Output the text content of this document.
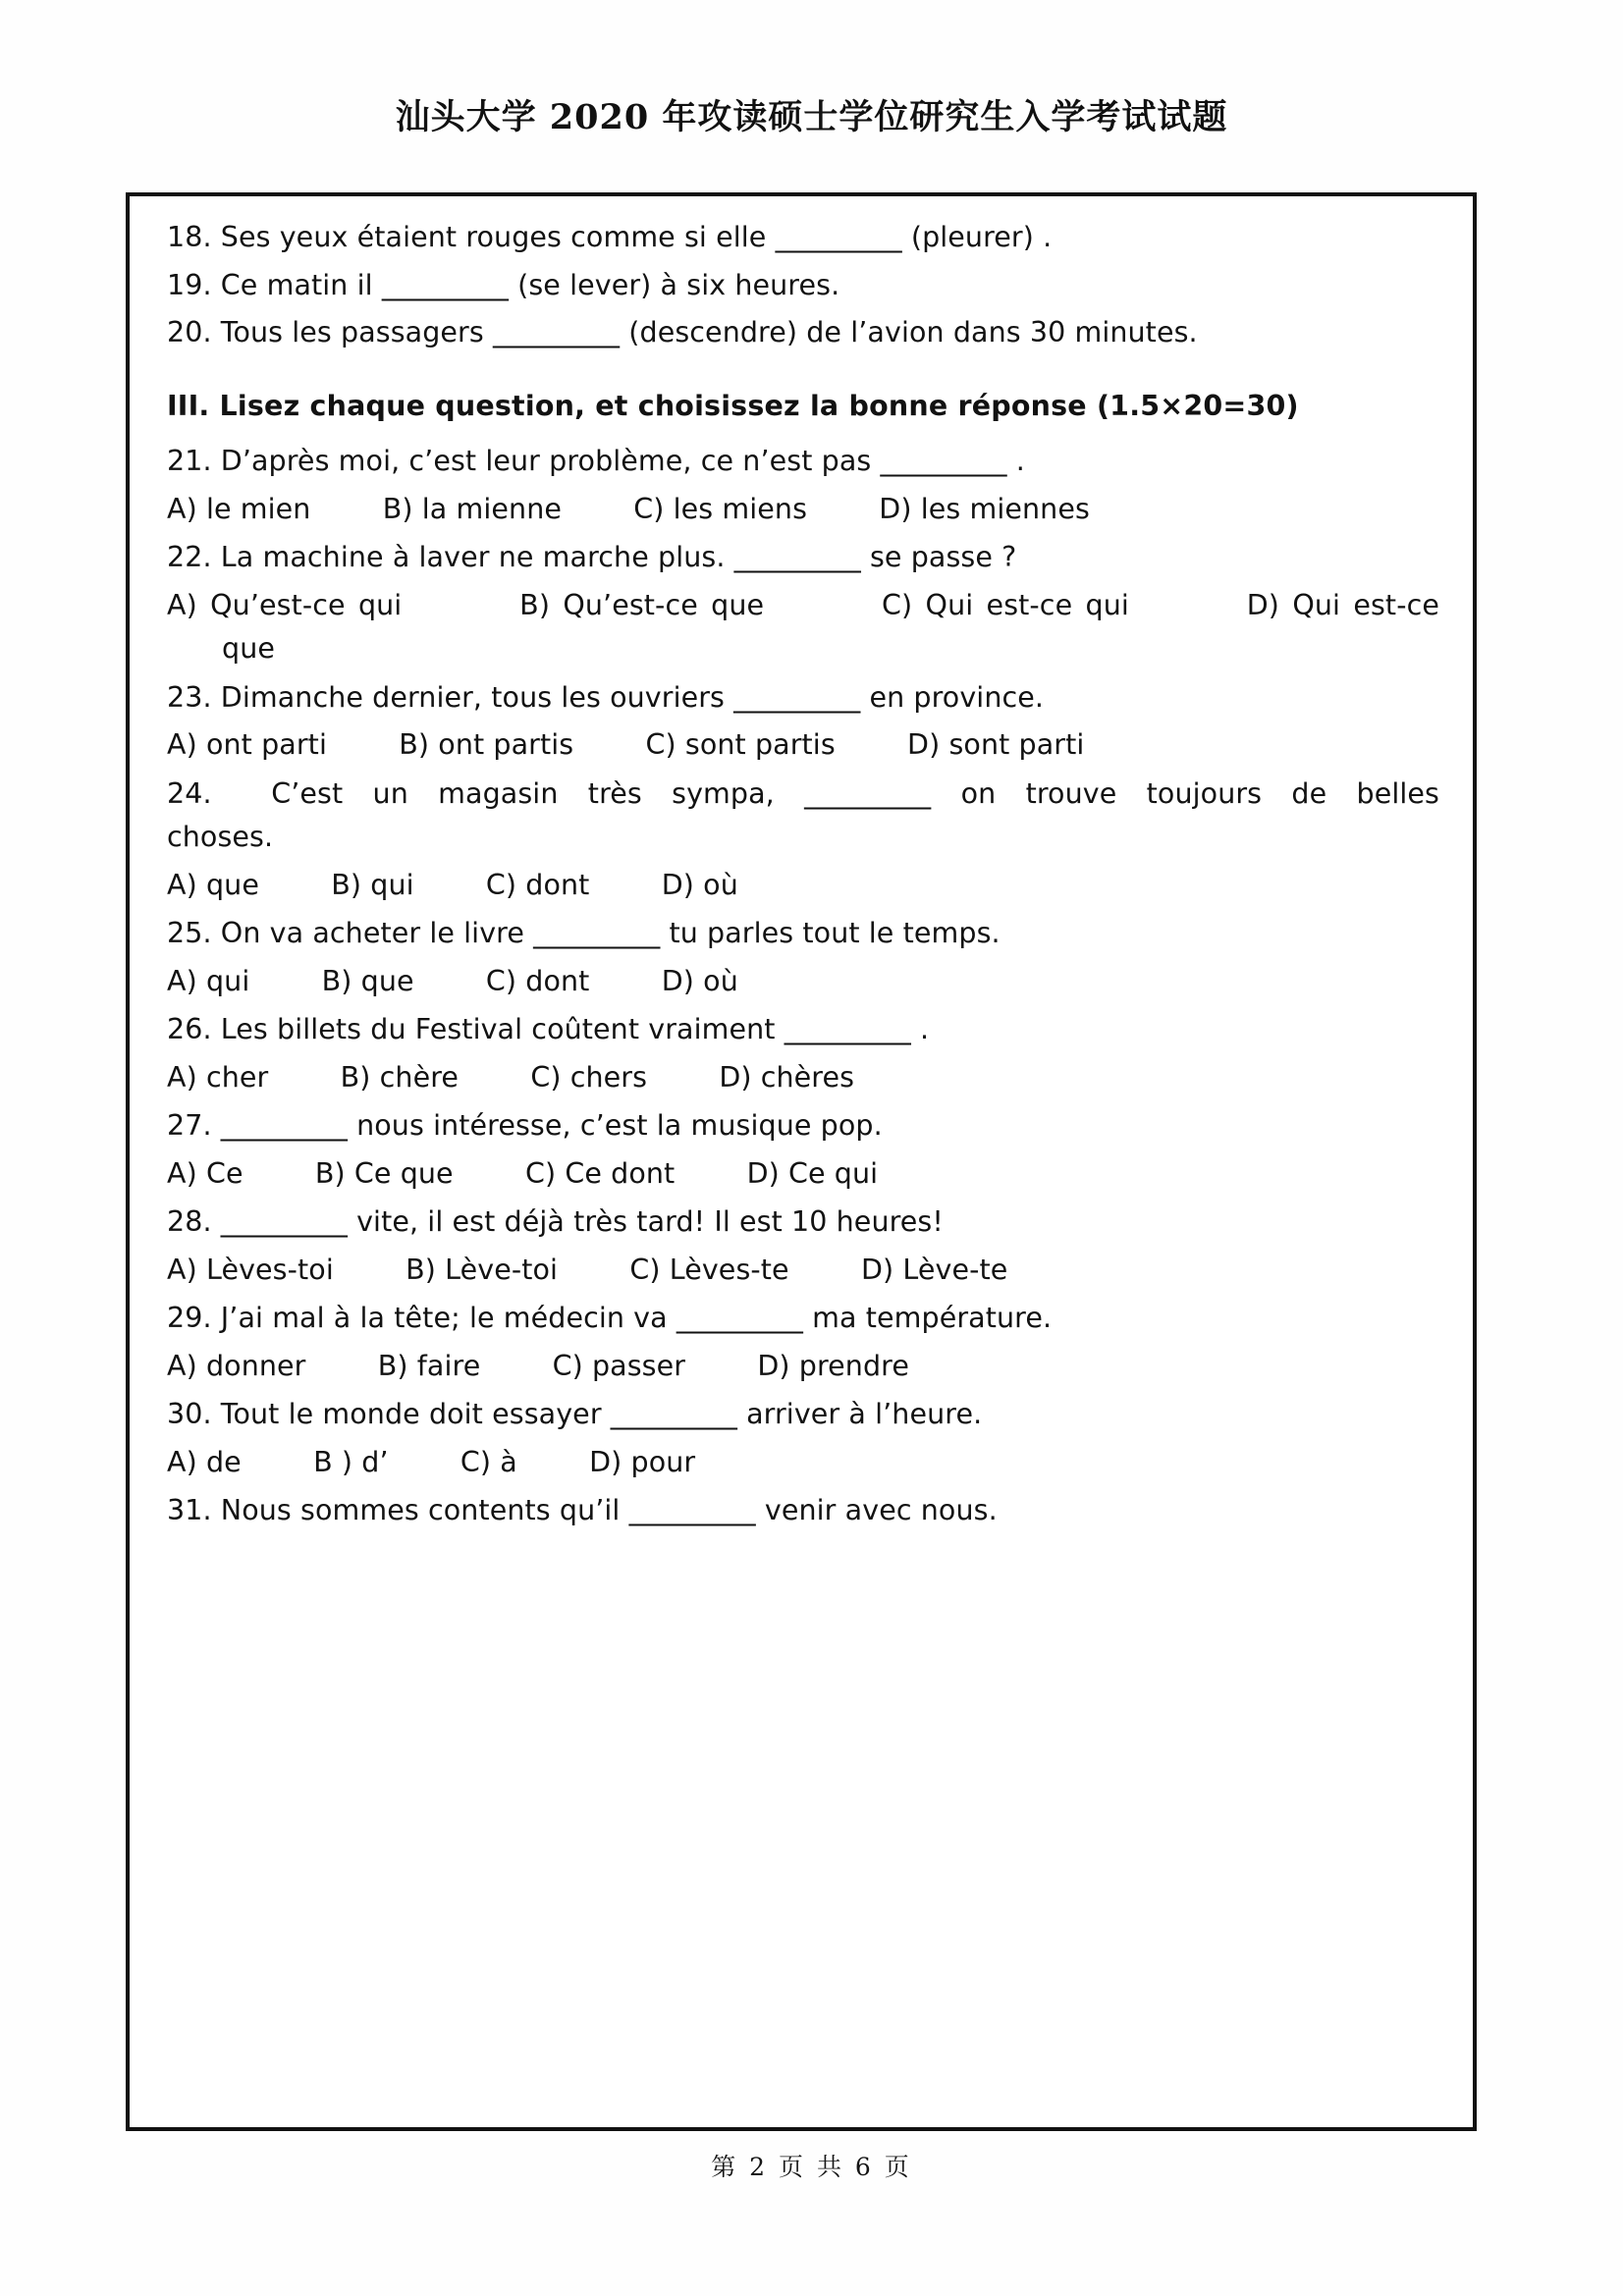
汕头大学 2020 年攻读硕士学位研究生入学考试试题
18. Ses yeux étaient rouges comme si elle _________ (pleurer) .
19. Ce matin il _________ (se lever) à six heures.
20. Tous les passagers _________ (descendre) de l’avion dans 30 minutes.
III. Lisez chaque question, et choisissez la bonne réponse (1.5×20=30)
21. D’après moi, c’est leur problème, ce n’est pas _________ .
A) le mien        B) la mienne        C) les miens        D) les miennes
22. La machine à laver ne marche plus. _________ se passe ?
A) Qu’est-ce qui         B) Qu’est-ce que         C) Qui est-ce qui         D) Qui est-ce
que
23. Dimanche dernier, tous les ouvriers _________ en province.
A) ont parti        B) ont partis        C) sont partis        D) sont parti
24.  C’est un magasin très sympa, _________ on trouve toujours de belles
choses.
A) que        B) qui        C) dont        D) où
25. On va acheter le livre _________ tu parles tout le temps.
A) qui        B) que        C) dont        D) où
26. Les billets du Festival coûtent vraiment _________ .
A) cher        B) chère        C) chers        D) chères
27. _________ nous intéresse, c’est la musique pop.
A) Ce        B) Ce que        C) Ce dont        D) Ce qui
28. _________ vite, il est déjà très tard! Il est 10 heures!
A) Lèves-toi        B) Lève-toi        C) Lèves-te        D) Lève-te
29. J’ai mal à la tête; le médecin va _________ ma température.
A) donner        B) faire        C) passer        D) prendre
30. Tout le monde doit essayer _________ arriver à l’heure.
A) de        B ) d’        C) à        D) pour
31. Nous sommes contents qu’il _________ venir avec nous.
第 2 页 共 6 页
